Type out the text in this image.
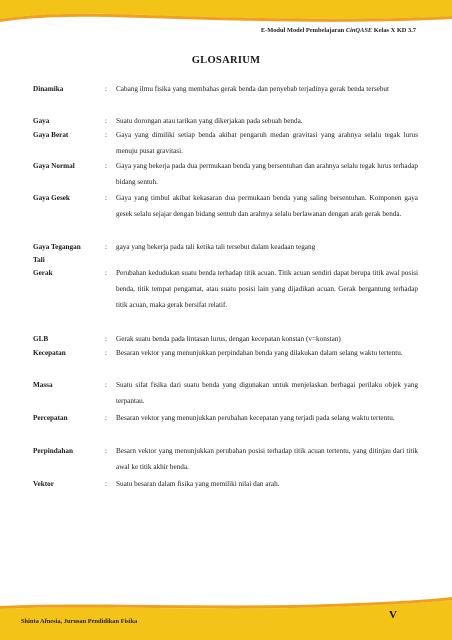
E-Modul Model Pembelajaran CinQASE Kelas X KD 3.7
GLOSARIUM
Dinamika	: Cabang ilmu fisika yang membahas gerak benda dan penyebab terjadinya gerak benda tersebut
Gaya	: Suatu dorongan atau tarikan yang dikerjakan pada sebuah benda.
Gaya Berat	: Gaya yang dimiliki setiap benda akibat pengaruh medan gravitasi yang arahnya selalu tegak lurus menuju pusat gravitasi.
Gaya Normal	: Gaya yang bekerja pada dua permukaan benda yang bersentuhan dan arahnya selalu tegak lurus terhadap bidang sentuh.
Gaya Gesek	: Gaya yang timbul akibat kekasaran dua permukaan benda yang saling bersentuhan. Komponen gaya gesek selalu sejajar dengan bidang sentuh dan arahnya selalu berlawanan dengan arah gerak benda.
Gaya Tegangan Tali
: gaya yang bekerja pada tali ketika tali tersebut dalam keadaan tegang
Gerak	: Perubahan kedudukan suatu benda terhadap titik acuan. Titik acuan sendiri dapat berupa titik awal posisi benda, titik tempat pengamat, atau suatu posisi lain yang dijadikan acuan. Gerak bergantung terhadap titik acuan, maka gerak bersifat relatif.
GLB	: Gerak suatu benda pada lintasan lurus, dengan kecepatan konstan (v=konstan)
Kecepatan	: Besaran vektor yang menunjukkan perpindahan benda yang dilakukan dalam selang waktu tertentu.
Massa	: Suatu sifat fisika dari suatu benda yang digunakan untuk menjelaskan berbagai perilaku objek yang terpantau.
Percepatan	: Besaran vektor yang menunjukkan perubahan kecepatan yang terjadi pada selang waktu tertentu.
Perpindahan	: Besarn vektor yang menunjukkan perubahan posisi terhadap titik acuan tertentu, yang ditinjau dari titik awal ke titik akhir benda.
Vektor	: Suatu besaran dalam fisika yang memiliki nilai dan arah.
Shinta Afnesia, Jurusan Pendidikan Fisika
V
